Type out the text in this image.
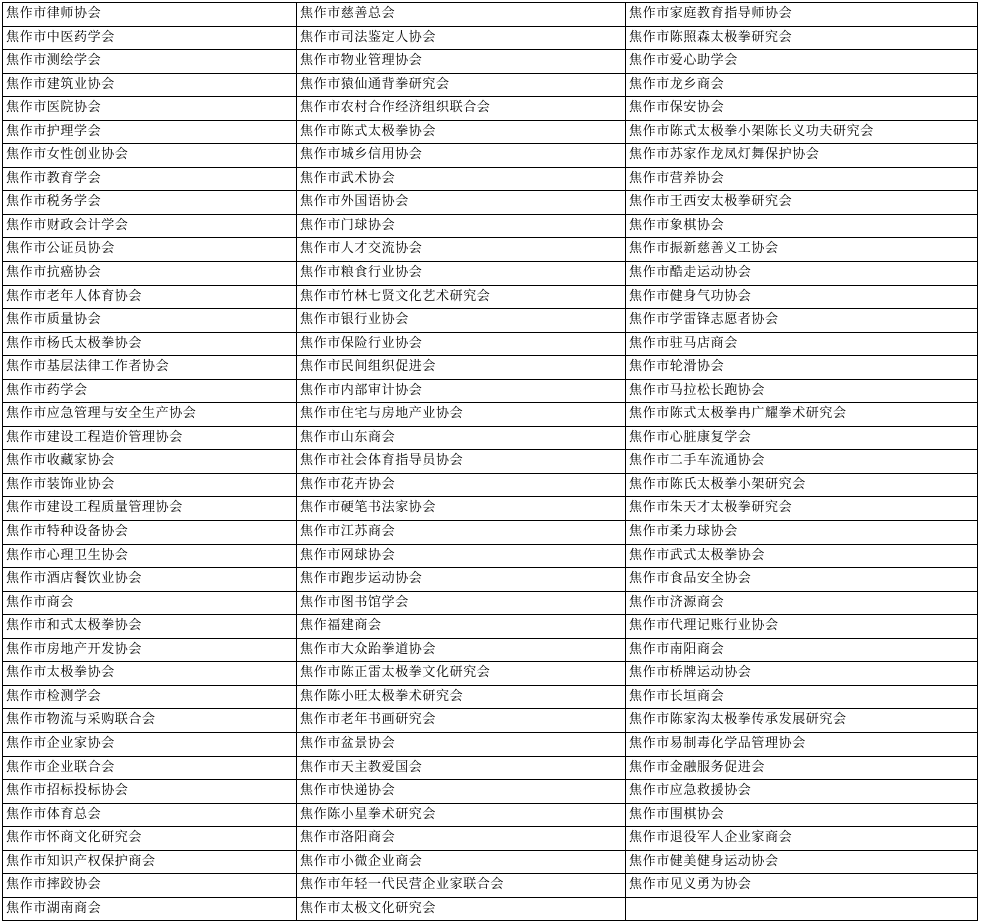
焦作市律师协会	焦作市慈善总会	焦作市家庭教育指导师协会
焦作市中医药学会	焦作市司法鉴定人协会	焦作市陈照森太极拳研究会
焦作市测绘学会	焦作市物业管理协会	焦作市爱心助学会
焦作市建筑业协会	焦作市猿仙通背拳研究会	焦作市龙乡商会
焦作市医院协会	焦作市农村合作经济组织联合会	焦作市保安协会
焦作市护理学会	焦作市陈式太极拳协会	焦作市陈式太极拳小架陈长义功夫研究会
焦作市女性创业协会	焦作市城乡信用协会	焦作市苏家作龙凤灯舞保护协会
焦作市教育学会	焦作市武术协会	焦作市营养协会
焦作市税务学会	焦作市外国语协会	焦作市王西安太极拳研究会
焦作市财政会计学会	焦作市门球协会	焦作市象棋协会
焦作市公证员协会	焦作市人才交流协会	焦作市振新慈善义工协会
焦作市抗癌协会	焦作市粮食行业协会	焦作市酷走运动协会
焦作市老年人体育协会	焦作市竹林七贤文化艺术研究会	焦作市健身气功协会
焦作市质量协会	焦作市银行业协会	焦作市学雷锋志愿者协会
焦作市杨氏太极拳协会	焦作市保险行业协会	焦作市驻马店商会
焦作市基层法律工作者协会	焦作市民间组织促进会	焦作市轮滑协会
焦作市药学会	焦作市内部审计协会	焦作市马拉松长跑协会
焦作市应急管理与安全生产协会	焦作市住宅与房地产业协会	焦作市陈式太极拳冉广耀拳术研究会
焦作市建设工程造价管理协会	焦作市山东商会	焦作市心脏康复学会
焦作市收藏家协会	焦作市社会体育指导员协会	焦作市二手车流通协会
焦作市装饰业协会	焦作市花卉协会	焦作市陈氏太极拳小架研究会
焦作市建设工程质量管理协会	焦作市硬笔书法家协会	焦作市朱天才太极拳研究会
焦作市特种设备协会	焦作市江苏商会	焦作市柔力球协会
焦作市心理卫生协会	焦作市网球协会	焦作市武式太极拳协会
焦作市酒店餐饮业协会	焦作市跑步运动协会	焦作市食品安全协会
焦作市商会	焦作市图书馆学会	焦作市济源商会
焦作市和式太极拳协会	焦作福建商会	焦作市代理记账行业协会
焦作市房地产开发协会	焦作市大众跆拳道协会	焦作市南阳商会
焦作市太极拳协会	焦作市陈正雷太极拳文化研究会	焦作市桥牌运动协会
焦作市检测学会	焦作陈小旺太极拳术研究会	焦作市长垣商会
焦作市物流与采购联合会	焦作市老年书画研究会	焦作市陈家沟太极拳传承发展研究会
焦作市企业家协会	焦作市盆景协会	焦作市易制毒化学品管理协会
焦作市企业联合会	焦作市天主教爱国会	焦作市金融服务促进会
焦作市招标投标协会	焦作市快递协会	焦作市应急救援协会
焦作市体育总会	焦作陈小星拳术研究会	焦作市围棋协会
焦作市怀商文化研究会	焦作市洛阳商会	焦作市退役军人企业家商会
焦作市知识产权保护商会	焦作市小微企业商会	焦作市健美健身运动协会
焦作市摔跤协会	焦作市年轻一代民营企业家联合会	焦作市见义勇为协会
焦作市湖南商会	焦作市太极文化研究会	
